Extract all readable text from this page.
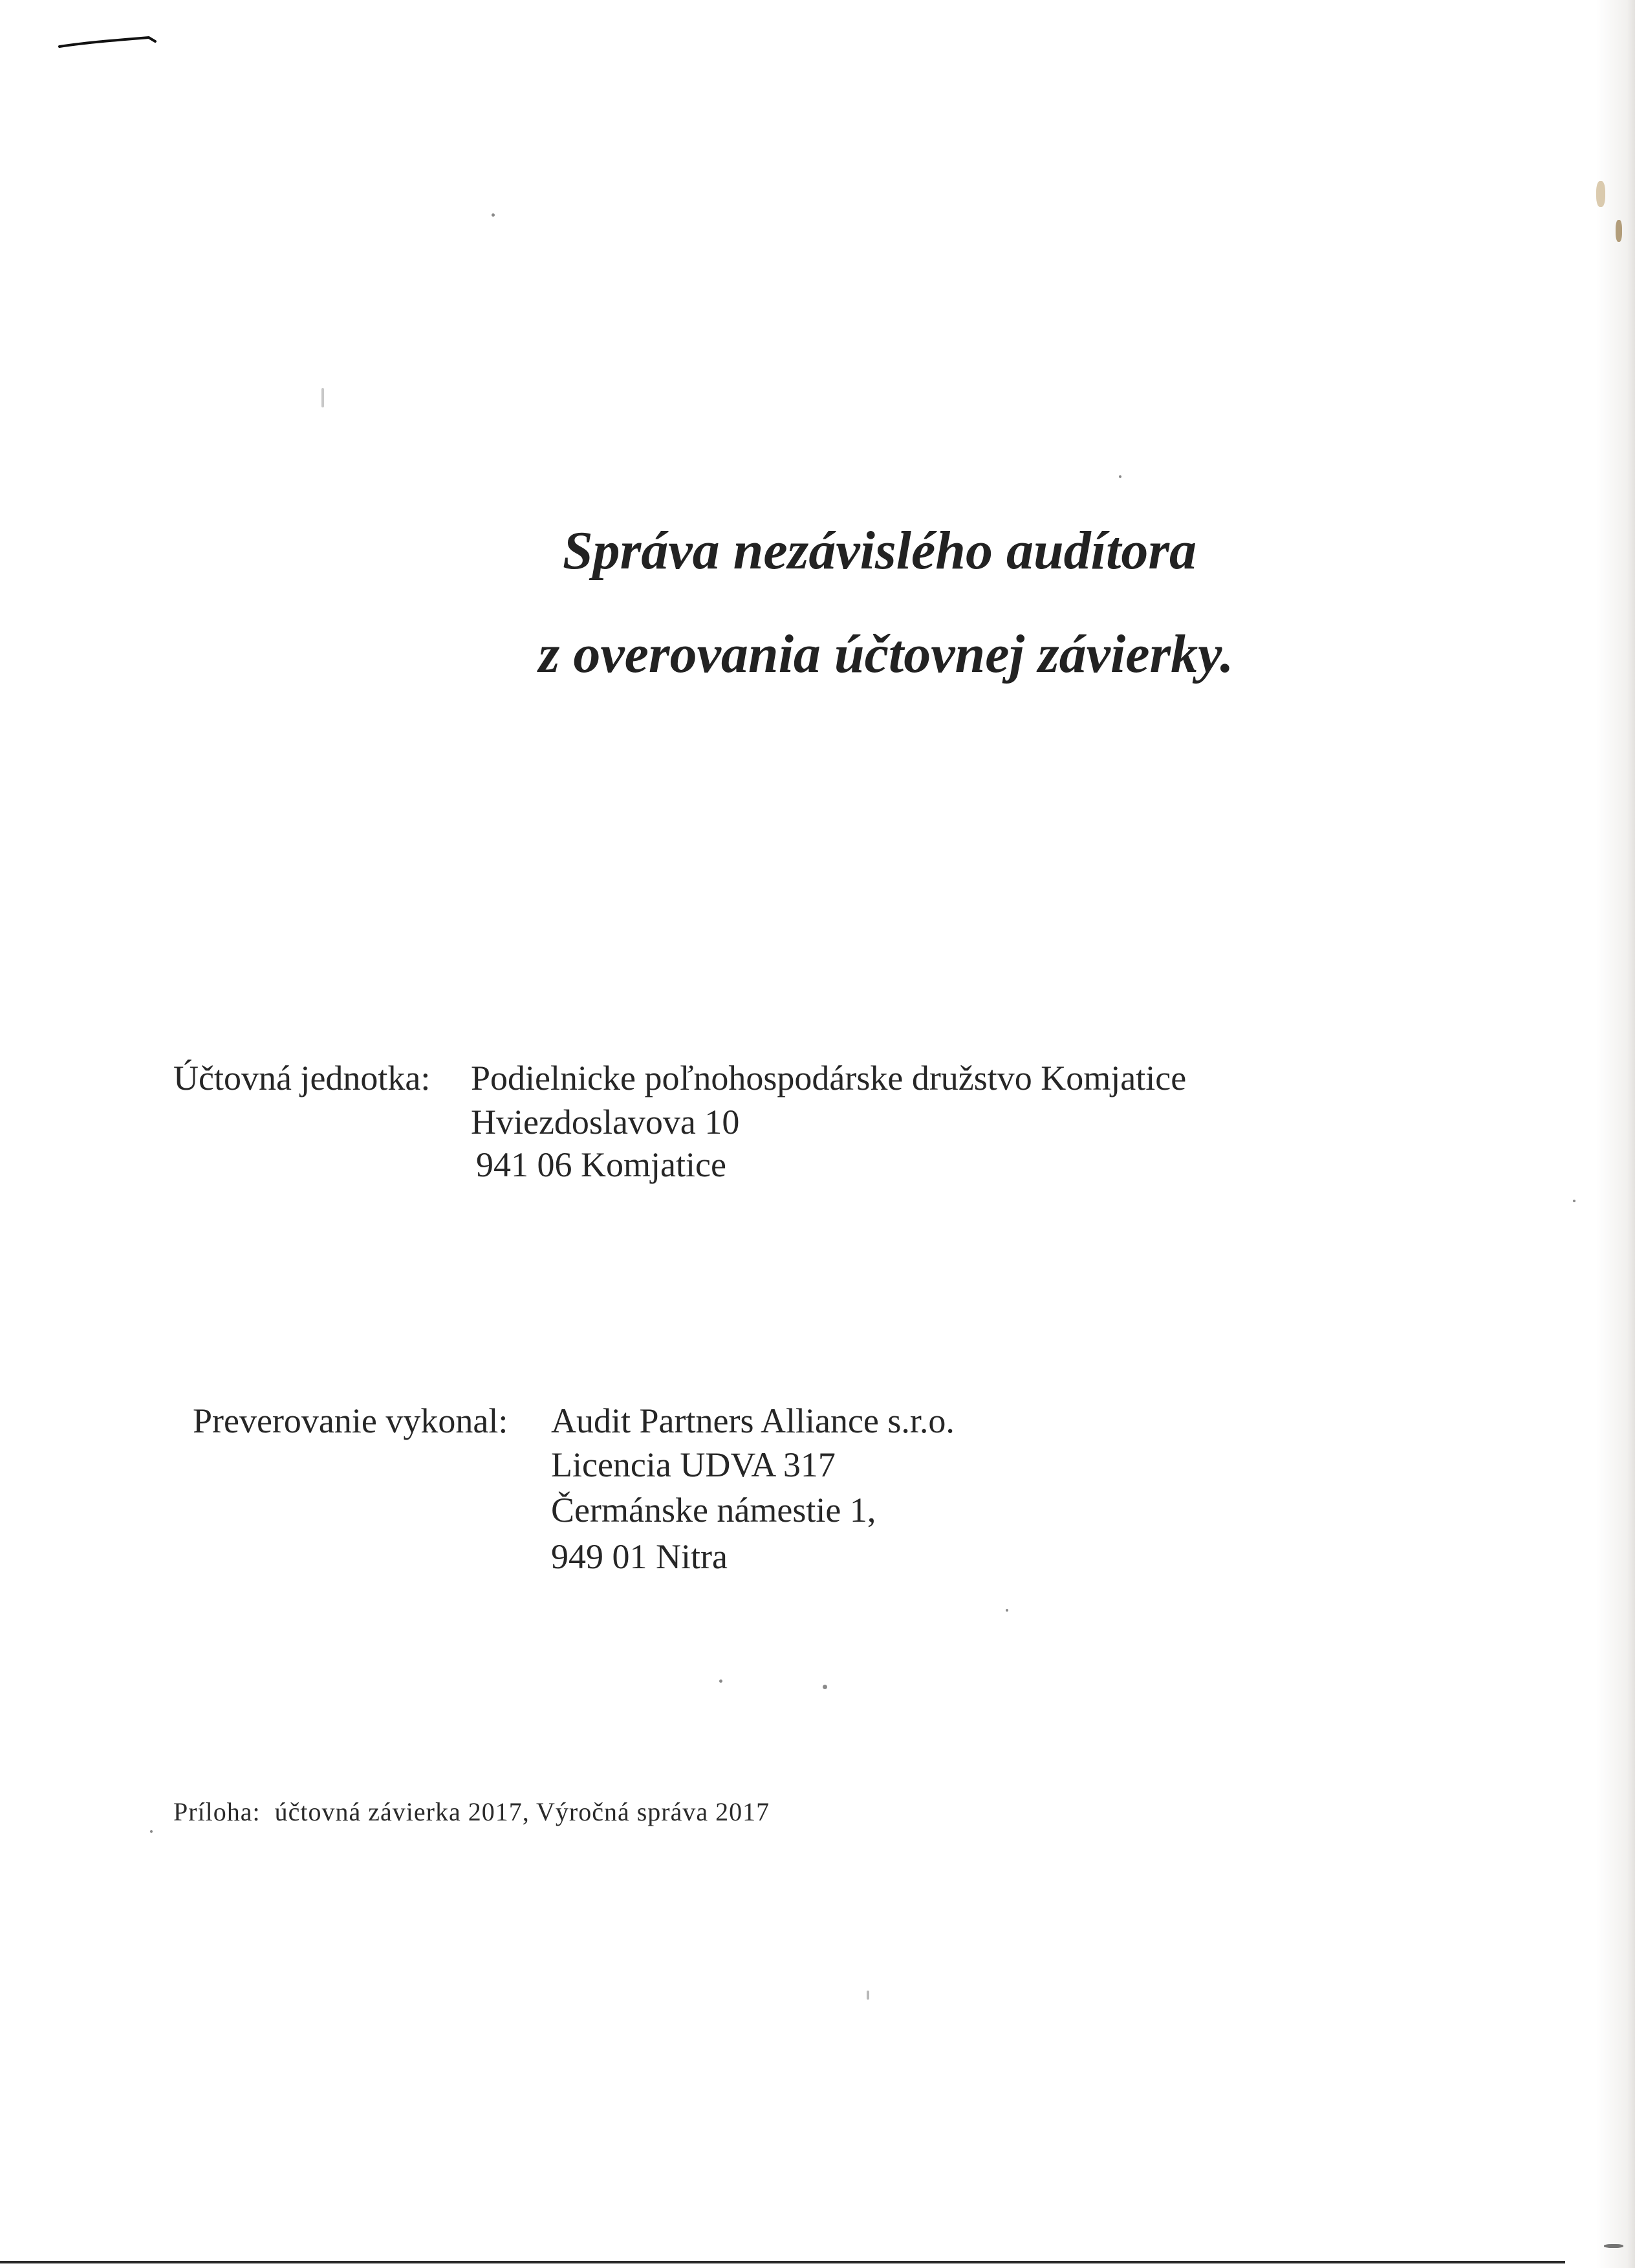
Správa nezávislého audítora
z overovania účtovnej závierky.
Účtovná jednotka: Podielnicke poľnohospodárske družstvo Komjatice
Hviezdoslavova 10
941 06 Komjatice
Preverovanie vykonal: Audit Partners Alliance s.r.o.
Licencia UDVA 317
Čermánske námestie 1,
949 01 Nitra
Príloha: účtovná závierka 2017, Výročná správa 2017
